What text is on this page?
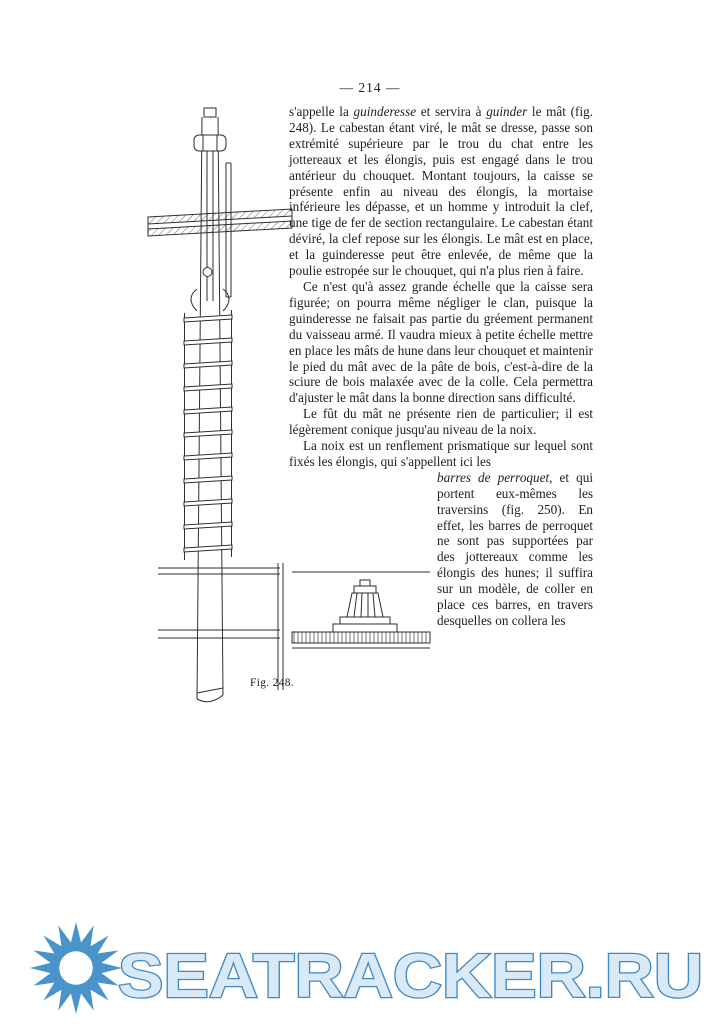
— 214 —
Fig. 248.

s'appelle la guinderesse et servira à guinder le mât (fig. 248). Le cabestan étant viré, le mât se dresse, passe son extrémité supérieure par le trou du chat entre les jottereaux et les élongis, puis est engagé dans le trou antérieur du chouquet. Montant toujours, la caisse se présente enfin au niveau des élongis, la mortaise inférieure les dépasse, et un homme y introduit la clef, une tige de fer de section rectangulaire. Le cabestan étant déviré, la clef repose sur les élongis. Le mât est en place, et la guinderesse peut être enlevée, de même que la poulie estropée sur le chouquet, qui n'a plus rien à faire.

Ce n'est qu'à assez grande échelle que la caisse sera figurée; on pourra même négliger le clan, puisque la guinderesse ne faisait pas partie du gréement permanent du vaisseau armé. Il vaudra mieux à petite échelle mettre en place les mâts de hune dans leur chouquet et maintenir le pied du mât avec de la pâte de bois, c'est-à-dire de la sciure de bois malaxée avec de la colle. Cela permettra d'ajuster le mât dans la bonne direction sans difficulté.

Le fût du mât ne présente rien de particulier; il est légèrement conique jusqu'au niveau de la noix.

La noix est un renflement prismatique sur lequel sont fixés les élongis, qui s'appellent ici les

barres de perroquet, et qui portent eux-mêmes les traversins (fig. 250). En effet, les barres de perroquet ne sont pas supportées par des jottereaux comme les élongis des hunes; il suffira sur un modèle, de coller en place ces barres, en travers desquelles on collera les

SEATRACKER.RU
